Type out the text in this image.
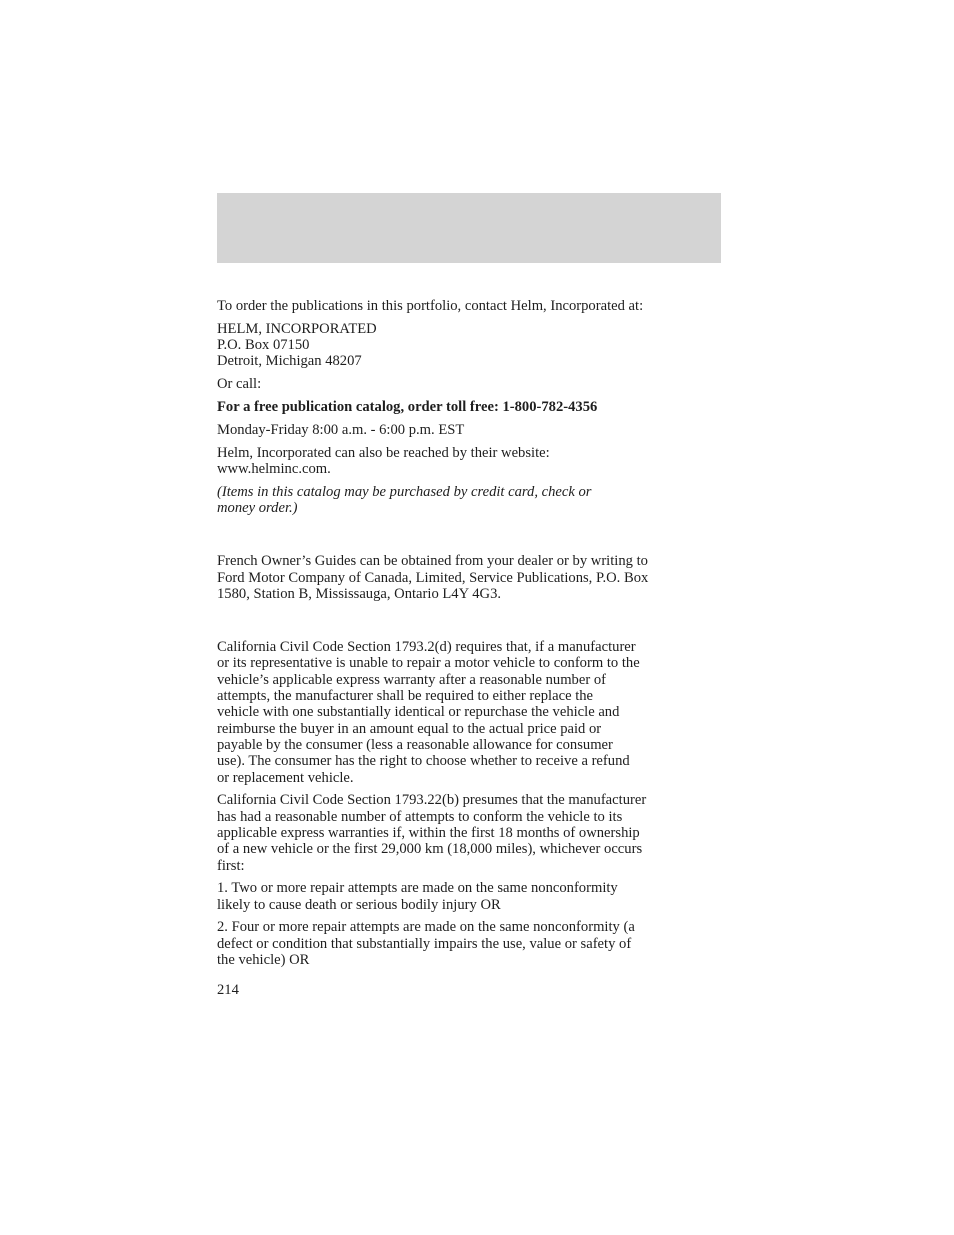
To order the publications in this portfolio, contact Helm, Incorporated at:

HELM, INCORPORATED
P.O. Box 07150
Detroit, Michigan 48207

Or call:

For a free publication catalog, order toll free: 1-800-782-4356

Monday-Friday 8:00 a.m. - 6:00 p.m. EST

Helm, Incorporated can also be reached by their website:
www.helminc.com.

(Items in this catalog may be purchased by credit card, check or
money order.)

French Owner’s Guides can be obtained from your dealer or by writing to
Ford Motor Company of Canada, Limited, Service Publications, P.O. Box
1580, Station B, Mississauga, Ontario L4Y 4G3.

California Civil Code Section 1793.2(d) requires that, if a manufacturer
or its representative is unable to repair a motor vehicle to conform to the
vehicle’s applicable express warranty after a reasonable number of
attempts, the manufacturer shall be required to either replace the
vehicle with one substantially identical or repurchase the vehicle and
reimburse the buyer in an amount equal to the actual price paid or
payable by the consumer (less a reasonable allowance for consumer
use). The consumer has the right to choose whether to receive a refund
or replacement vehicle.

California Civil Code Section 1793.22(b) presumes that the manufacturer
has had a reasonable number of attempts to conform the vehicle to its
applicable express warranties if, within the first 18 months of ownership
of a new vehicle or the first 29,000 km (18,000 miles), whichever occurs
first:

1. Two or more repair attempts are made on the same nonconformity
likely to cause death or serious bodily injury OR

2. Four or more repair attempts are made on the same nonconformity (a
defect or condition that substantially impairs the use, value or safety of
the vehicle) OR

214
